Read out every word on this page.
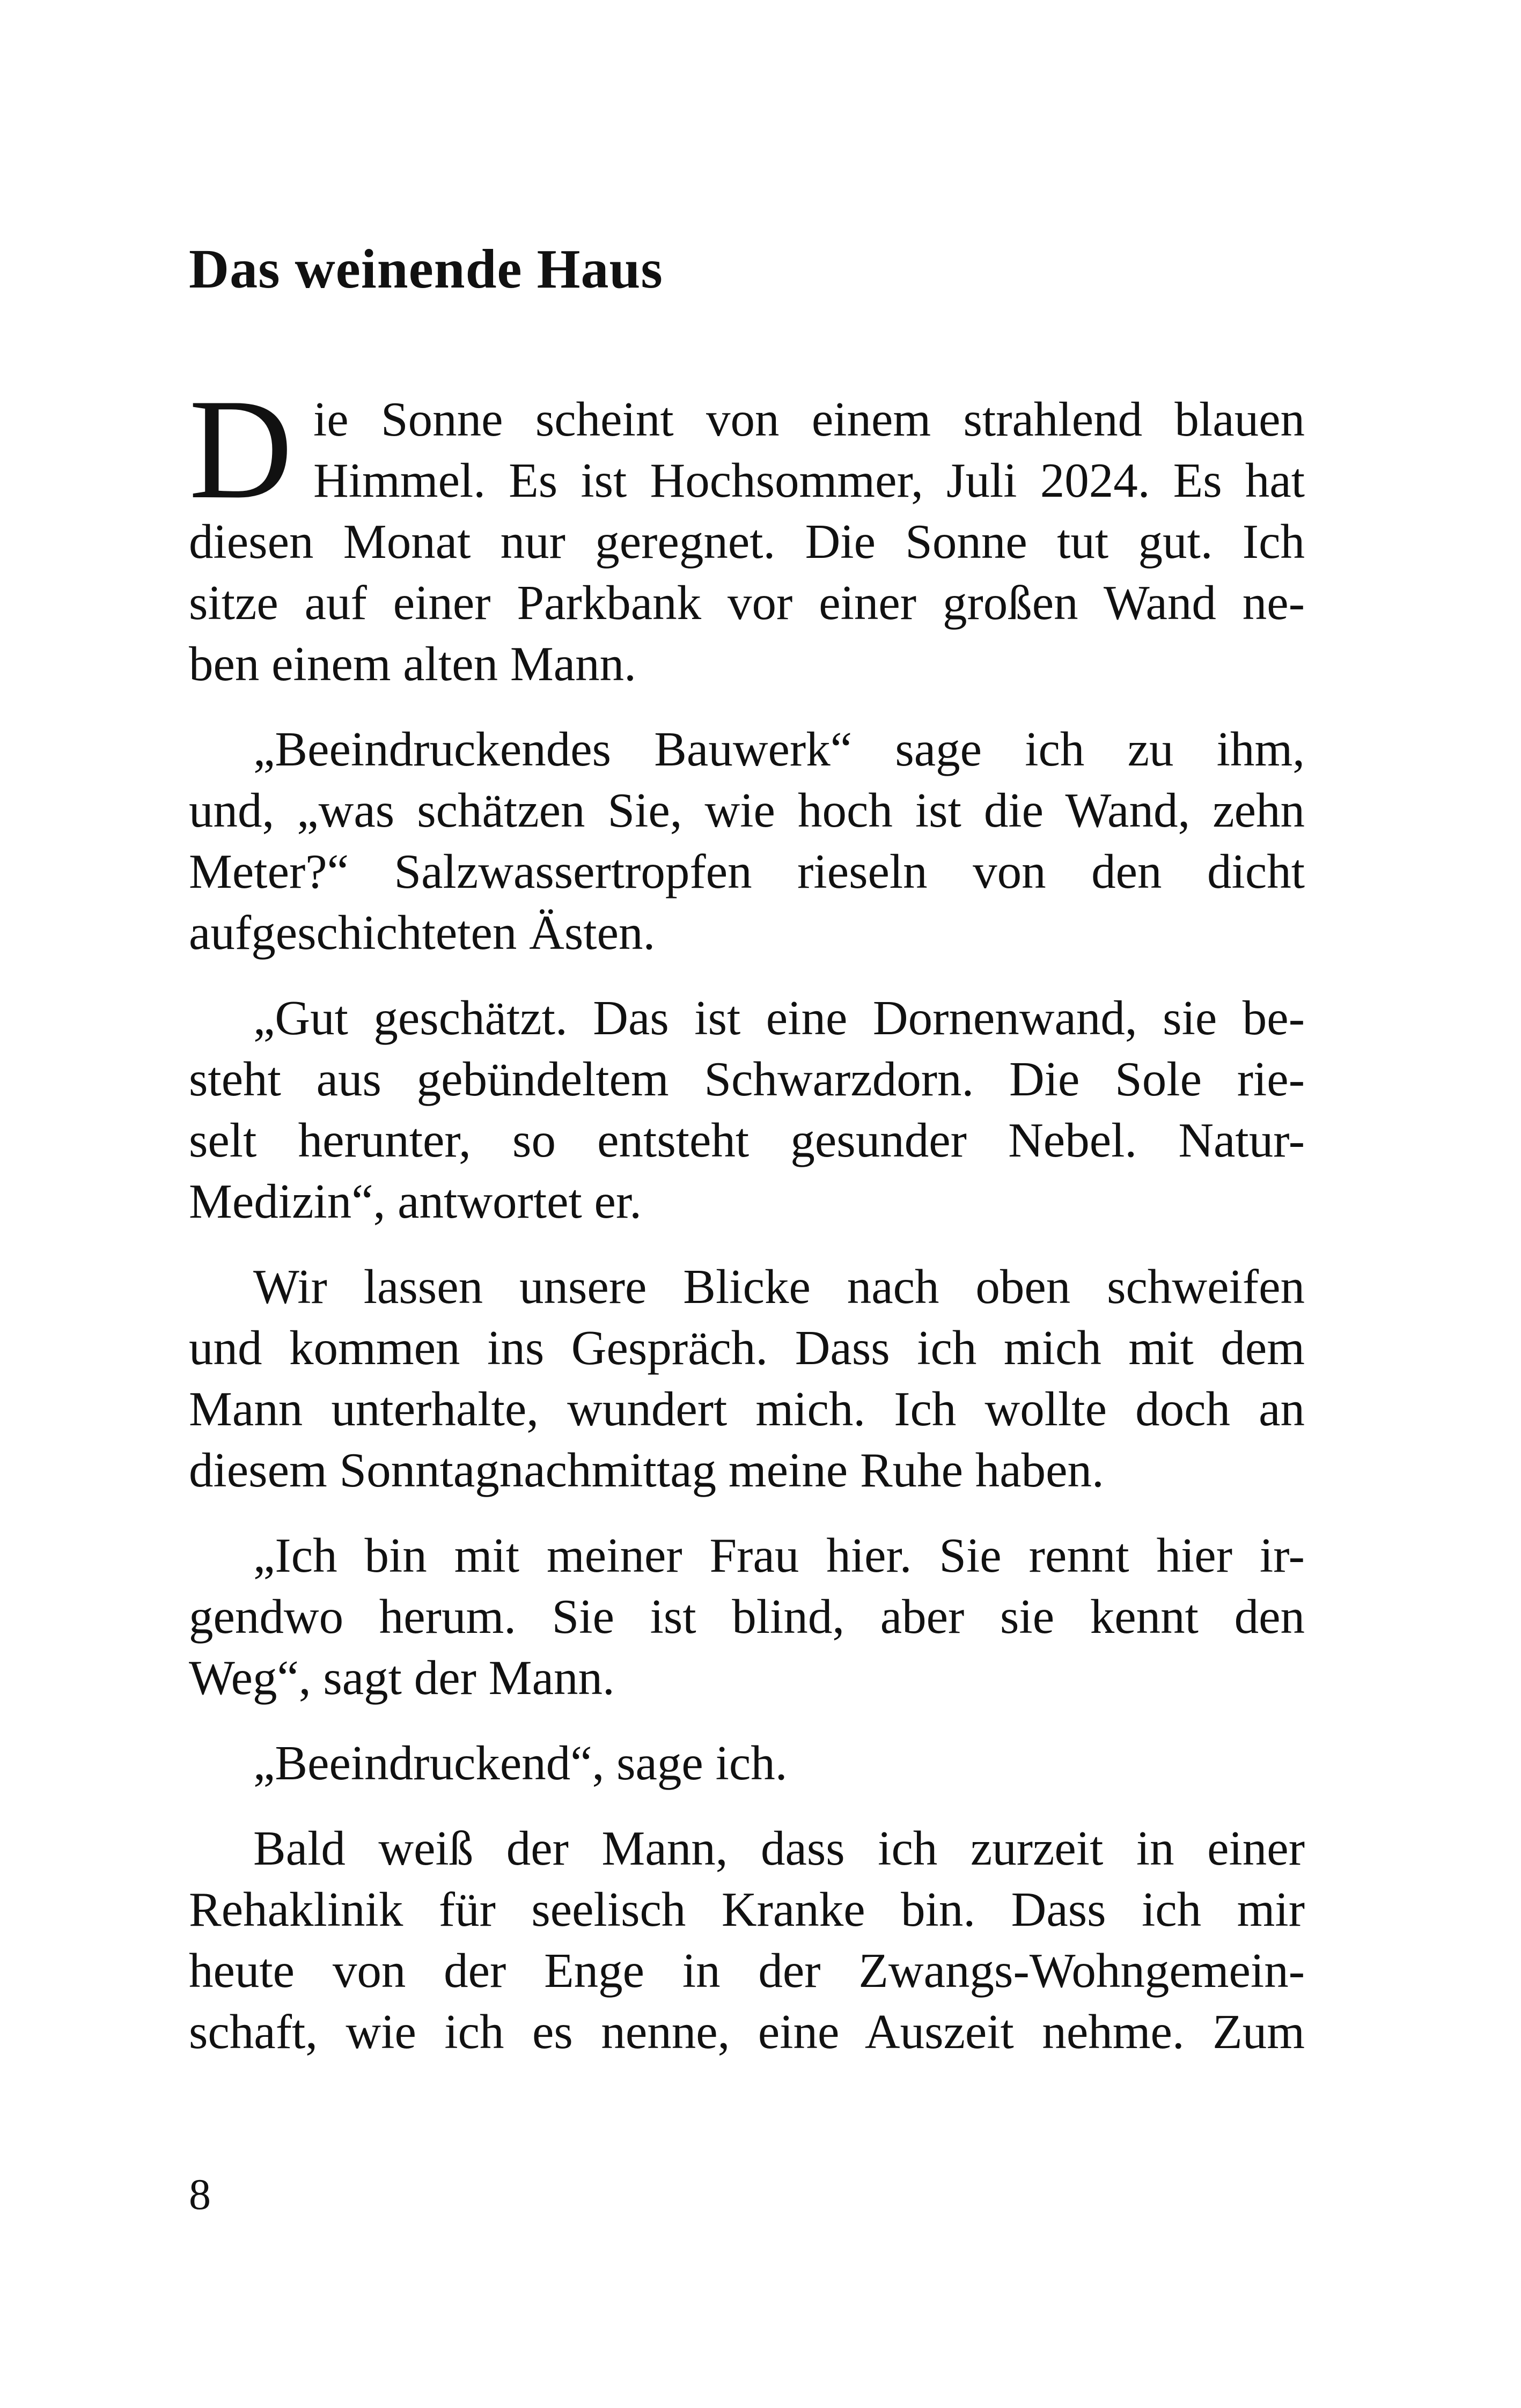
Das weinende Haus
D ie Sonne scheint von einem strahlend blauen
Himmel. Es ist Hochsommer, Juli 2024. Es hat
diesen Monat nur geregnet. Die Sonne tut gut. Ich
sitze auf einer Parkbank vor einer großen Wand ne-
ben einem alten Mann.
„Beeindruckendes Bauwerk“ sage ich zu ihm,
und, „was schätzen Sie, wie hoch ist die Wand, zehn
Meter?“ Salzwassertropfen rieseln von den dicht
aufgeschichteten Ästen.
„Gut geschätzt. Das ist eine Dornenwand, sie be-
steht aus gebündeltem Schwarzdorn. Die Sole rie-
selt herunter, so entsteht gesunder Nebel. Natur-
Medizin“, antwortet er.
Wir lassen unsere Blicke nach oben schweifen
und kommen ins Gespräch. Dass ich mich mit dem
Mann unterhalte, wundert mich. Ich wollte doch an
diesem Sonntagnachmittag meine Ruhe haben.
„Ich bin mit meiner Frau hier. Sie rennt hier ir-
gendwo herum. Sie ist blind, aber sie kennt den
Weg“, sagt der Mann.
„Beeindruckend“, sage ich.
Bald weiß der Mann, dass ich zurzeit in einer
Rehaklinik für seelisch Kranke bin. Dass ich mir
heute von der Enge in der Zwangs-Wohngemein-
schaft, wie ich es nenne, eine Auszeit nehme. Zum
8
